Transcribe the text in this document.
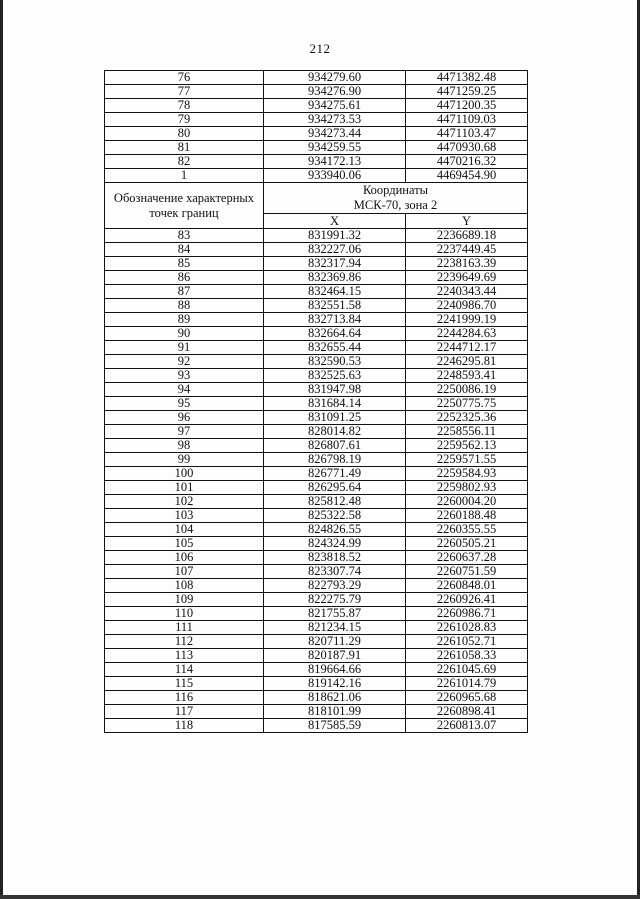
212
76	934279.60	4471382.48
77	934276.90	4471259.25
78	934275.61	4471200.35
79	934273.53	4471109.03
80	934273.44	4471103.47
81	934259.55	4470930.68
82	934172.13	4470216.32
1	933940.06	4469454.90
Обозначение характерных точек границ	Координаты
МСК-70, зона 2	
	X	Y
83	831991.32	2236689.18
84	832227.06	2237449.45
85	832317.94	2238163.39
86	832369.86	2239649.69
87	832464.15	2240343.44
88	832551.58	2240986.70
89	832713.84	2241999.19
90	832664.64	2244284.63
91	832655.44	2244712.17
92	832590.53	2246295.81
93	832525.63	2248593.41
94	831947.98	2250086.19
95	831684.14	2250775.75
96	831091.25	2252325.36
97	828014.82	2258556.11
98	826807.61	2259562.13
99	826798.19	2259571.55
100	826771.49	2259584.93
101	826295.64	2259802.93
102	825812.48	2260004.20
103	825322.58	2260188.48
104	824826.55	2260355.55
105	824324.99	2260505.21
106	823818.52	2260637.28
107	823307.74	2260751.59
108	822793.29	2260848.01
109	822275.79	2260926.41
110	821755.87	2260986.71
111	821234.15	2261028.83
112	820711.29	2261052.71
113	820187.91	2261058.33
114	819664.66	2261045.69
115	819142.16	2261014.79
116	818621.06	2260965.68
117	818101.99	2260898.41
118	817585.59	2260813.07
